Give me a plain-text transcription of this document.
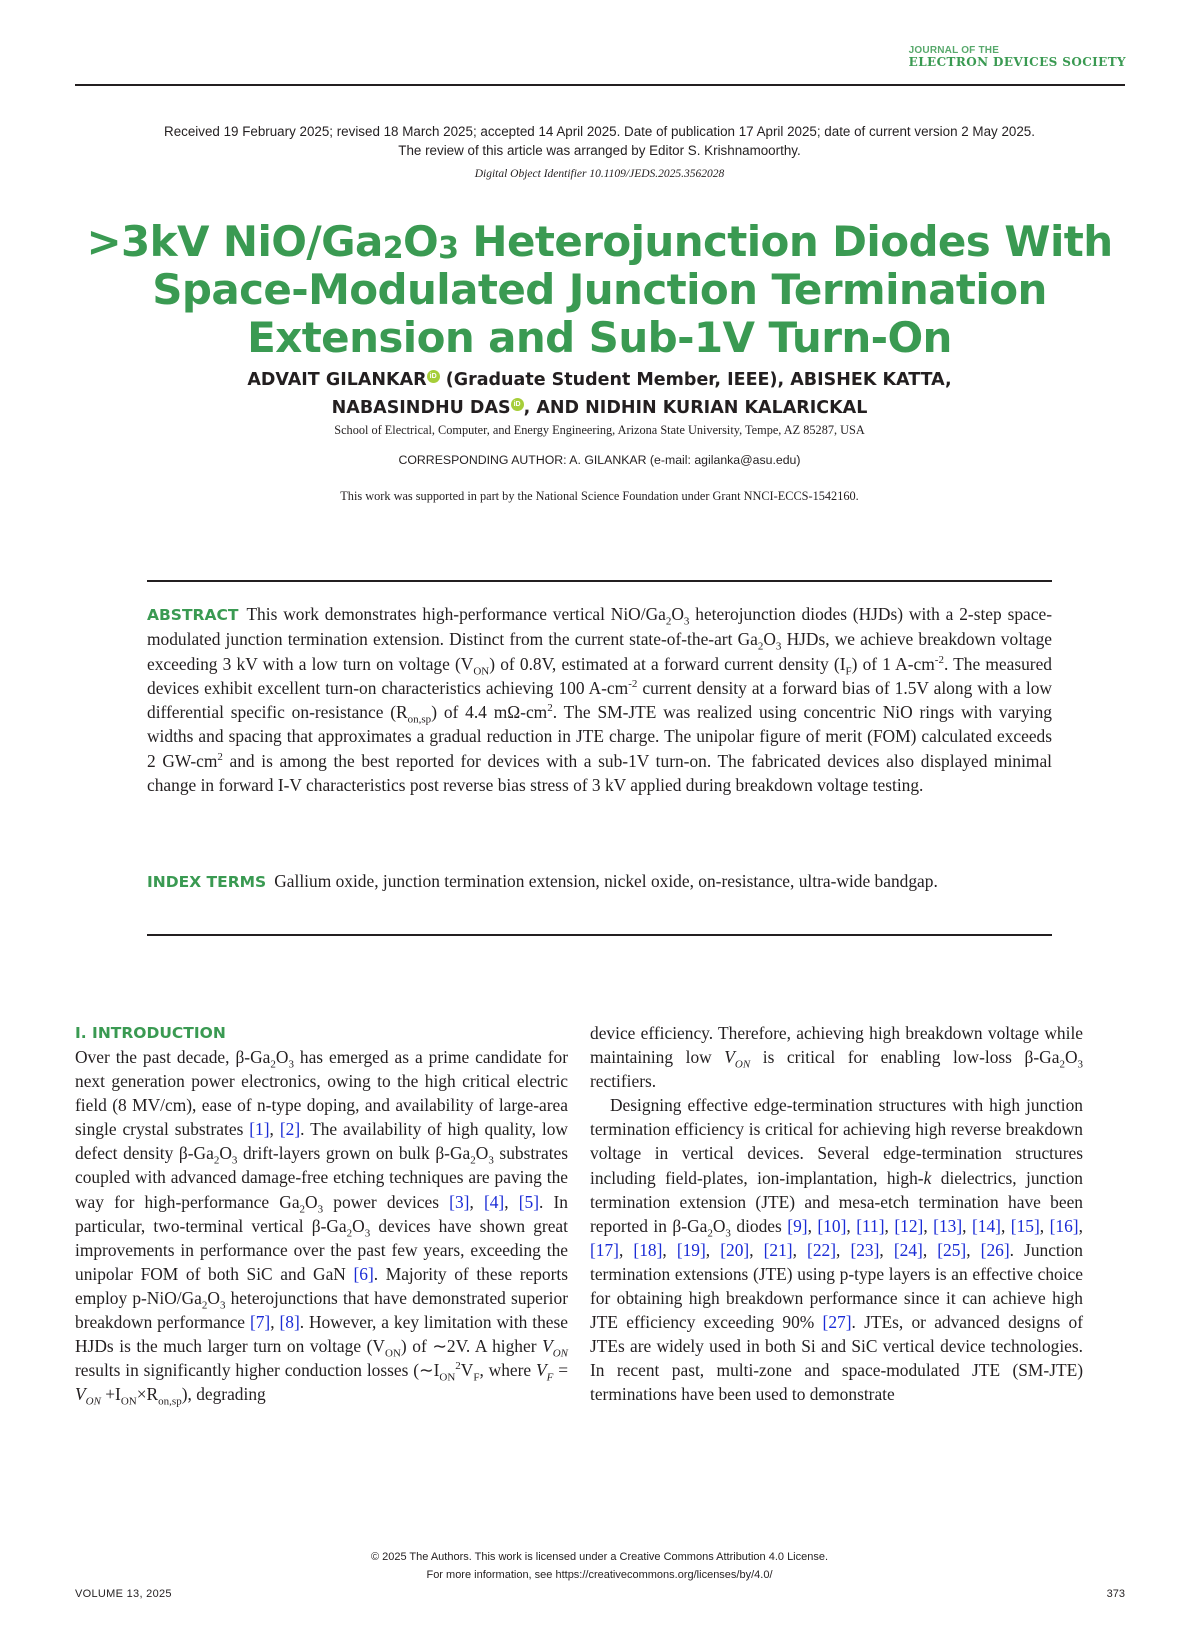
JOURNAL OF THE
ELECTRON DEVICES SOCIETY
Received 19 February 2025; revised 18 March 2025; accepted 14 April 2025. Date of publication 17 April 2025; date of current version 2 May 2025.
The review of this article was arranged by Editor S. Krishnamoorthy.
Digital Object Identifier 10.1109/JEDS.2025.3562028
>3kV NiO/$Ga_2O_3$ Heterojunction Diodes With
Space-Modulated Junction Termination
Extension and Sub-1V Turn-On
ADVAIT GILANKAR iD (Graduate Student Member, IEEE), ABISHEK KATTA,
NABASINDHU DAS iD , AND NIDHIN KURIAN KALARICKAL
School of Electrical, Computer, and Energy Engineering, Arizona State University, Tempe, AZ 85287, USA
CORRESPONDING AUTHOR: A. GILANKAR (e-mail: agilanka@asu.edu)
This work was supported in part by the National Science Foundation under Grant NNCI-ECCS-1542160.
ABSTRACT This work demonstrates high-performance vertical NiO/$Ga_2O_3$ heterojunction diodes (HJDs) with a 2-step space-modulated junction termination extension. Distinct from the current state-of-the-art $Ga_2O_3$ HJDs, we achieve breakdown voltage exceeding 3 kV with a low turn on voltage $(V_{ON})$ of 0.8V, estimated at a forward current density $(I_F)$ of 1 $A-cm^{-2}$. The measured devices exhibit excellent turn-on characteristics achieving 100 $A-cm^{-2}$ current density at a forward bias of 1.5V along with a low differential specific on-resistance $(R_{on,sp})$ of 4.4 $m\Omega-cm^2$. The SM-JTE was realized using concentric NiO rings with varying widths and spacing that approximates a gradual reduction in JTE charge. The unipolar figure of merit (FOM) calculated exceeds 2 $GW-cm^2$ and is among the best reported for devices with a sub-1V turn-on. The fabricated devices also displayed minimal change in forward I-V characteristics post reverse bias stress of 3 kV applied during breakdown voltage testing.
INDEX TERMS Gallium oxide, junction termination extension, nickel oxide, on-resistance, ultra-wide bandgap.
I. INTRODUCTION

Over the past decade, $\beta-Ga_2O_3$ has emerged as a prime candidate for next generation power electronics, owing to the high critical electric field (8 MV/cm), ease of n-type doping, and availability of large-area single crystal substrates [1], [2]. The availability of high quality, low defect density $\beta-Ga_2O_3$ drift-layers grown on bulk $\beta-Ga_2O_3$ substrates coupled with advanced damage-free etching techniques are paving the way for high-performance $Ga_2O_3$ power devices [3], [4], [5]. In particular, two-terminal vertical $\beta-Ga_2O_3$ devices have shown great improvements in performance over the past few years, exceeding the unipolar FOM of both SiC and GaN [6]. Majority of these reports employ $p-NiO/Ga_2O_3$ heterojunctions that have demonstrated superior breakdown performance [7], [8]. However, a key limitation with these HJDs is the much larger turn on voltage $(V_{ON})$ of ∼2V. A higher $V_{ON}$ results in significantly higher conduction losses ($\sim I_{ON}^2V_F$, where $V_F = V_{ON} +I_{ON}\times R_{on,sp}$), degrading

device efficiency. Therefore, achieving high breakdown voltage while maintaining low $V_{ON}$ is critical for enabling low-loss $\beta-Ga_2O_3$ rectifiers.

Designing effective edge-termination structures with high junction termination efficiency is critical for achieving high reverse breakdown voltage in vertical devices. Several edge-termination structures including field-plates, ion-implantation, high-k dielectrics, junction termination extension (JTE) and mesa-etch termination have been reported in $\beta-Ga_2O_3$ diodes [9], [10], [11], [12], [13], [14], [15], [16], [17], [18], [19], [20], [21], [22], [23], [24], [25], [26]. Junction termination extensions (JTE) using p-type layers is an effective choice for obtaining high breakdown performance since it can achieve high JTE efficiency exceeding 90% [27]. JTEs, or advanced designs of JTEs are widely used in both Si and SiC vertical device technologies. In recent past, multi-zone and space-modulated JTE (SM-JTE) terminations have been used to demonstrate

© 2025 The Authors. This work is licensed under a Creative Commons Attribution 4.0 License.
For more information, see https://creativecommons.org/licenses/by/4.0/
VOLUME 13, 2025	373
